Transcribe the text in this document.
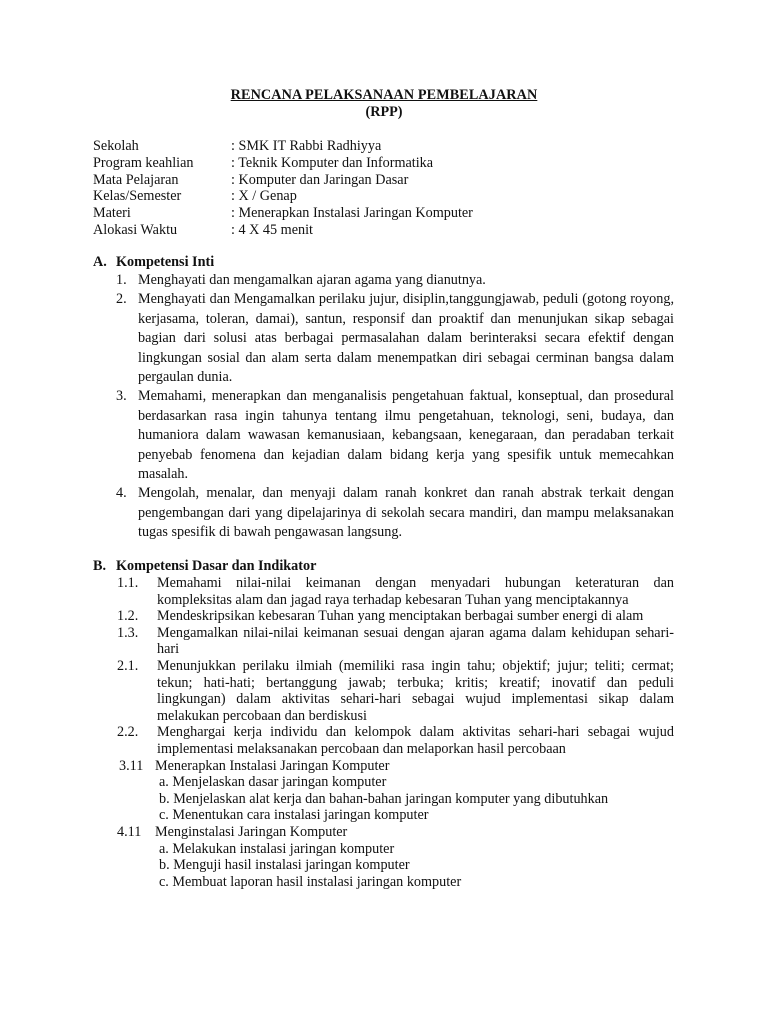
RENCANA PELAKSANAAN PEMBELAJARAN
(RPP)
Sekolah	: SMK IT Rabbi Radhiyya
Program keahlian	: Teknik Komputer dan Informatika
Mata Pelajaran	: Komputer dan Jaringan Dasar
Kelas/Semester	: X / Genap
Materi	: Menerapkan Instalasi Jaringan Komputer
Alokasi Waktu	: 4 X 45 menit
A. Kompetensi Inti
1. Menghayati dan mengamalkan ajaran agama yang dianutnya.
2. Menghayati dan Mengamalkan perilaku jujur, disiplin,tanggungjawab, peduli (gotong royong, kerjasama, toleran, damai), santun, responsif dan proaktif dan menunjukan sikap sebagai bagian dari solusi atas berbagai permasalahan dalam berinteraksi secara efektif dengan lingkungan sosial dan alam serta dalam menempatkan diri sebagai cerminan bangsa dalam pergaulan dunia.
3. Memahami, menerapkan dan menganalisis pengetahuan faktual, konseptual, dan prosedural berdasarkan rasa ingin tahunya tentang ilmu pengetahuan, teknologi, seni, budaya, dan humaniora dalam wawasan kemanusiaan, kebangsaan, kenegaraan, dan peradaban terkait penyebab fenomena dan kejadian dalam bidang kerja yang spesifik untuk memecahkan masalah.
4. Mengolah, menalar, dan menyaji dalam ranah konkret dan ranah abstrak terkait dengan pengembangan dari yang dipelajarinya di sekolah secara mandiri, dan mampu melaksanakan tugas spesifik di bawah pengawasan langsung.
B. Kompetensi Dasar dan Indikator
1.1. Memahami nilai-nilai keimanan dengan menyadari hubungan keteraturan dan kompleksitas alam dan jagad raya terhadap kebesaran Tuhan yang menciptakannya
1.2. Mendeskripsikan kebesaran Tuhan yang menciptakan berbagai sumber energi di alam
1.3. Mengamalkan nilai-nilai keimanan sesuai dengan ajaran agama dalam kehidupan sehari-hari
2.1. Menunjukkan perilaku ilmiah (memiliki rasa ingin tahu; objektif; jujur; teliti; cermat; tekun; hati-hati; bertanggung jawab; terbuka; kritis; kreatif; inovatif dan peduli lingkungan) dalam aktivitas sehari-hari sebagai wujud implementasi sikap dalam melakukan percobaan dan berdiskusi
2.2. Menghargai kerja individu dan kelompok dalam aktivitas sehari-hari sebagai wujud implementasi melaksanakan percobaan dan melaporkan hasil percobaan
3.11 Menerapkan Instalasi Jaringan Komputer
a. Menjelaskan dasar jaringan komputer
b. Menjelaskan alat kerja dan bahan-bahan jaringan komputer yang dibutuhkan
c. Menentukan cara instalasi jaringan komputer
4.11 Menginstalasi Jaringan Komputer
a. Melakukan instalasi jaringan komputer
b. Menguji hasil instalasi jaringan komputer
c. Membuat laporan hasil instalasi jaringan komputer
